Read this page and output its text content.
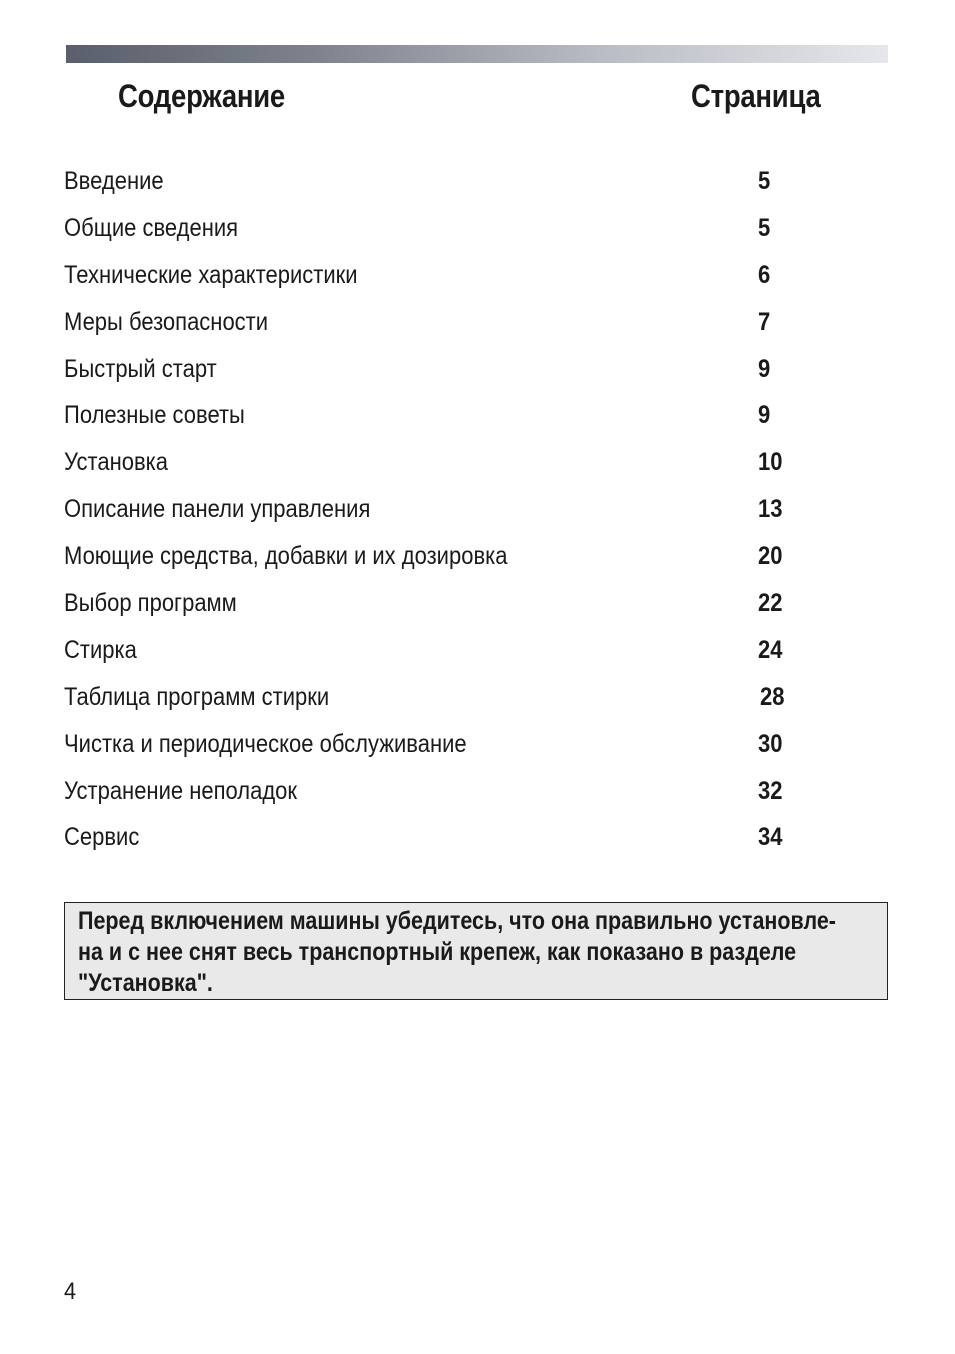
Содержание	Страница
Введение	5
Общие сведения	5
Технические характеристики	6
Меры безопасности	7
Быстрый старт	9
Полезные советы	9
Установка	10
Описание панели управления	13
Моющие средства, добавки и их дозировка	20
Выбор программ	22
Стирка	24
Таблица программ стирки	28
Чистка и периодическое обслуживание	30
Устранение неполадок	32
Сервис	34

Перед включением машины убедитесь, что она правильно установле-
на и с нее снят весь транспортный крепеж, как показано в разделе
"Установка".

4
